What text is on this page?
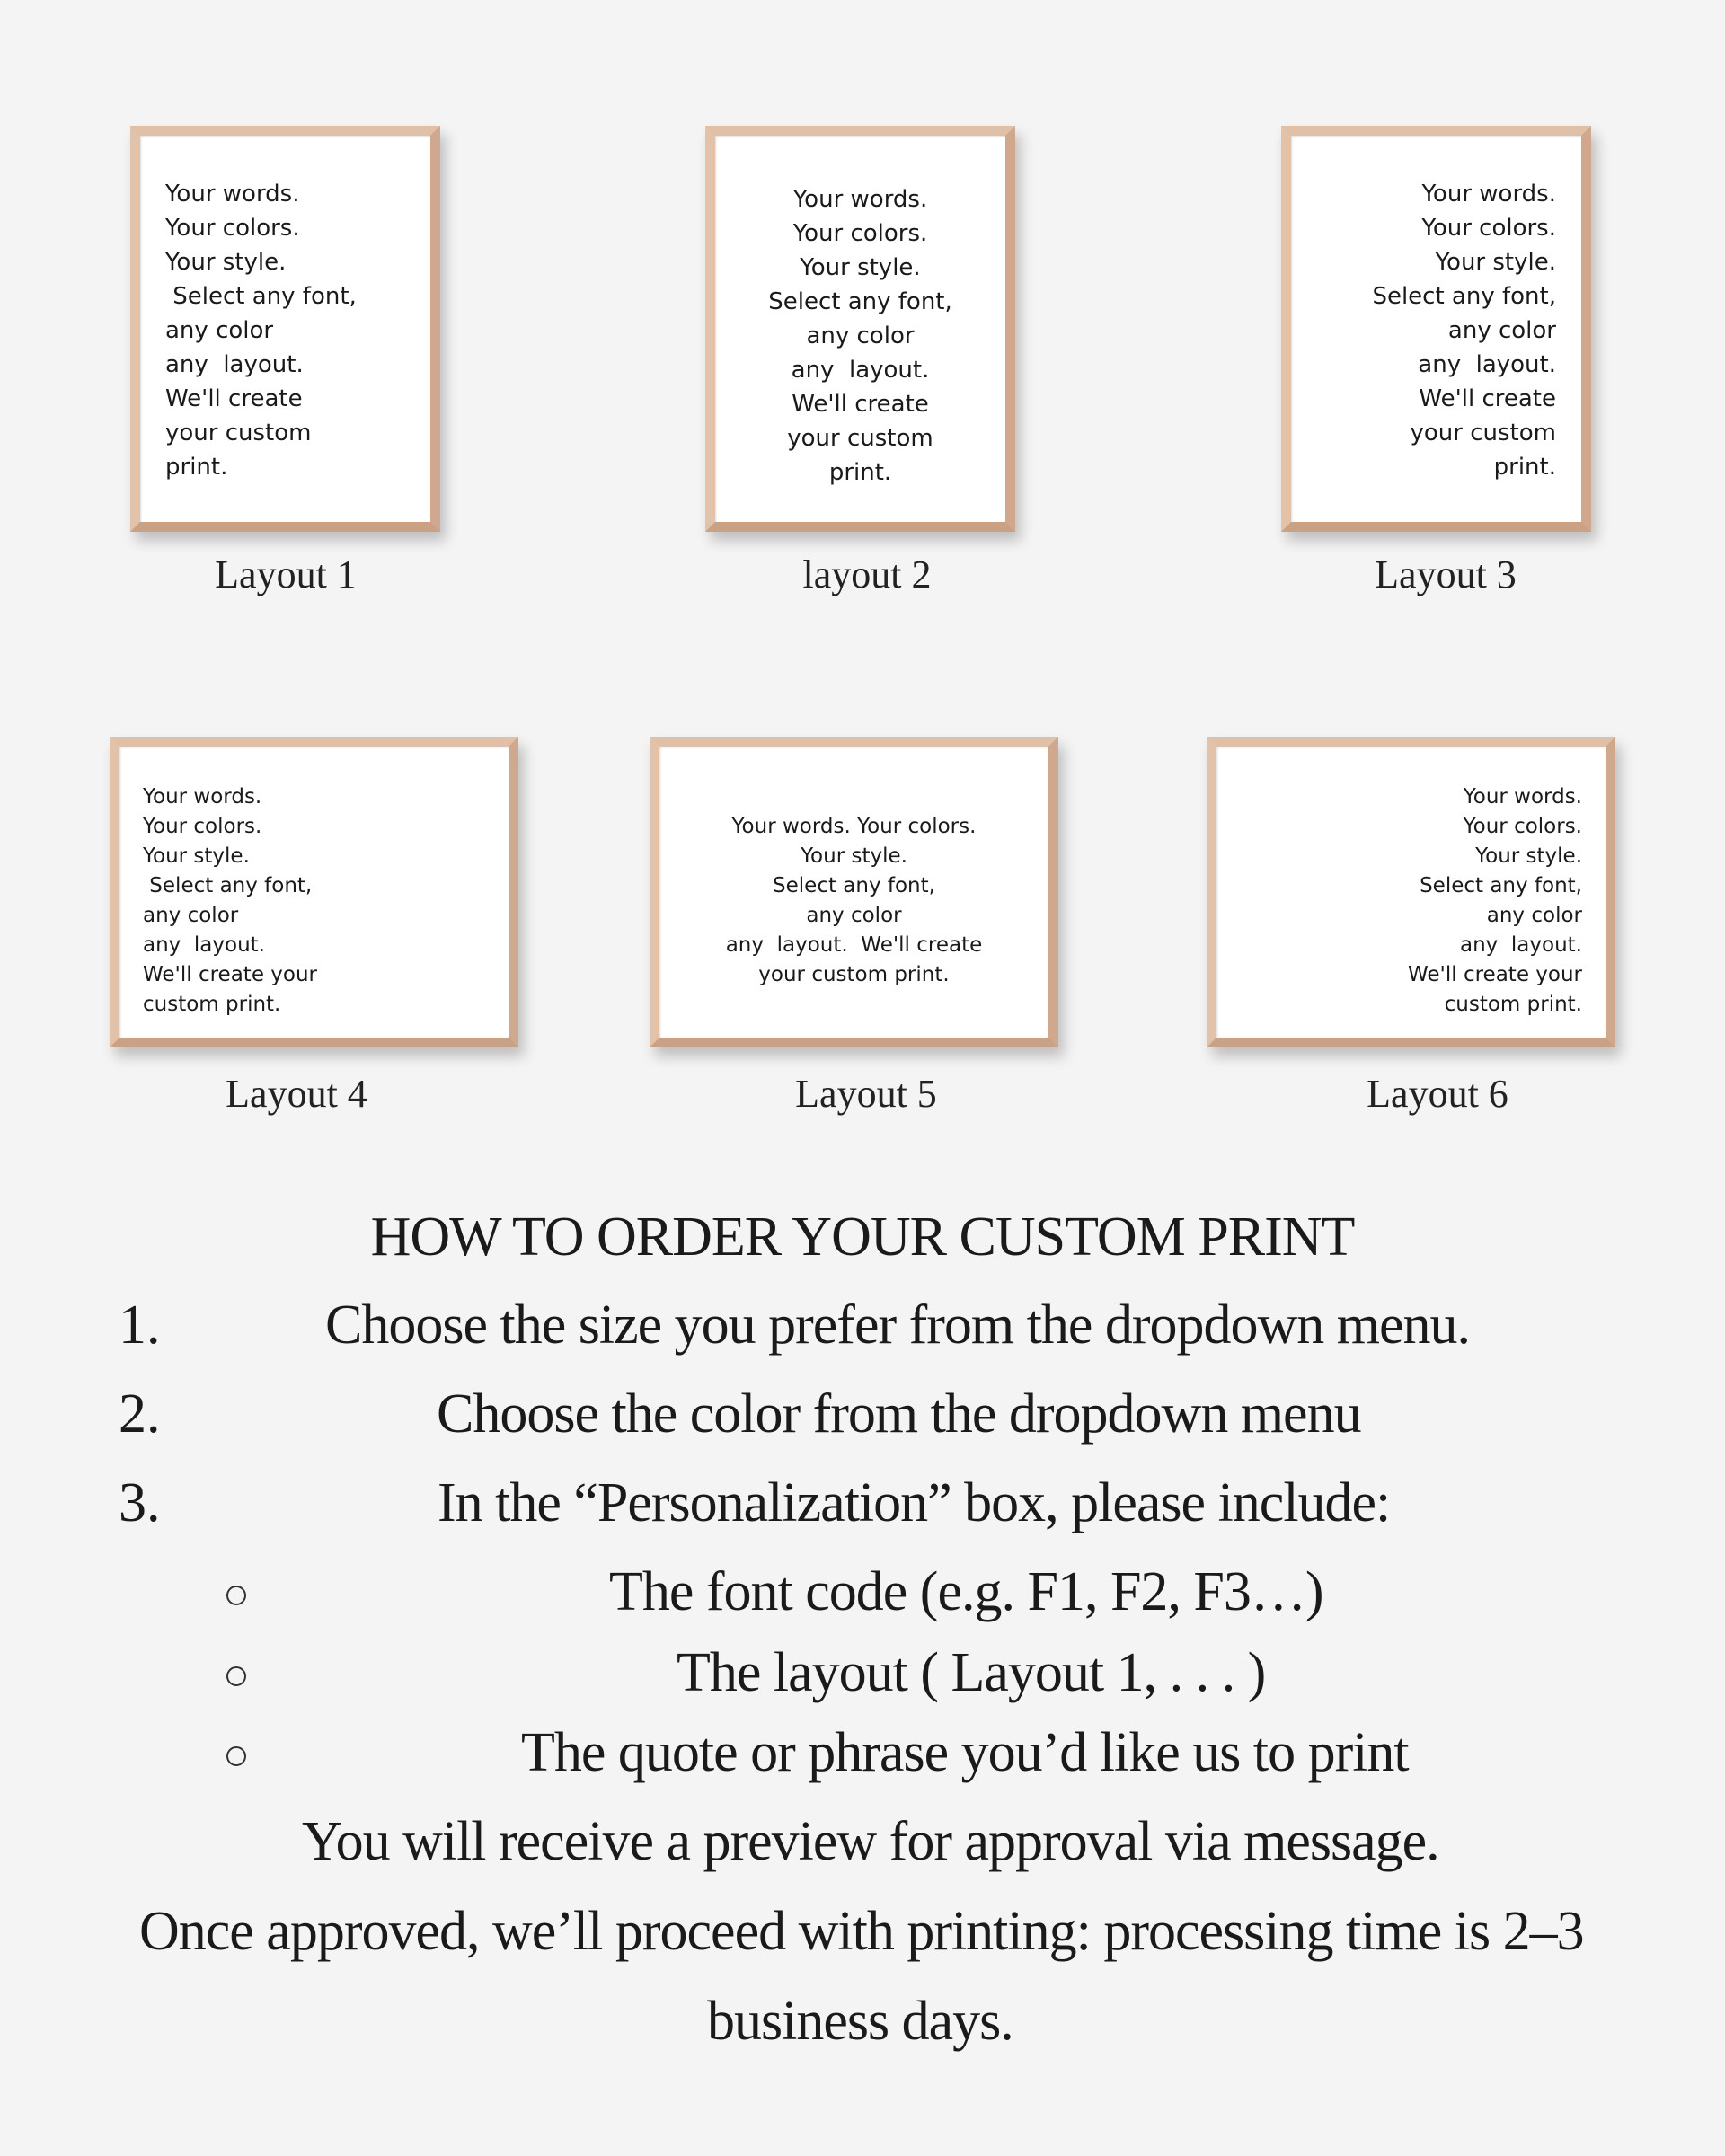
Your words.
Your colors.
Your style.
Select any font,
any color
any  layout.
We'll create
your custom
print.
Layout 1
Your words.
Your colors.
Your style.
Select any font,
any color
any  layout.
We'll create
your custom
print.
layout 2
Your words.
Your colors.
Your style.
Select any font,
any color
any  layout.
We'll create
your custom
print.
Layout 3
Your words.
Your colors.
Your style.
Select any font,
any color
any  layout.
We'll create your
custom print.
Layout 4
Your words. Your colors.
Your style.
Select any font,
any color
any  layout.  We'll create
your custom print.
Layout 5
Your words.
Your colors.
Your style.
Select any font,
any color
any  layout.
We'll create your
custom print.
Layout 6
HOW TO ORDER YOUR CUSTOM PRINT
1.	Choose the size you prefer from the dropdown menu.
2.	Choose the color from the dropdown menu
3.	In the “Personalization” box, please include:
The font code (e.g. F1, F2, F3…)
The layout ( Layout 1, . . . )
The quote or phrase you’d like us to print
You will receive a preview for approval via message.
Once approved, we’ll proceed with printing: processing time is 2–3
business days.
